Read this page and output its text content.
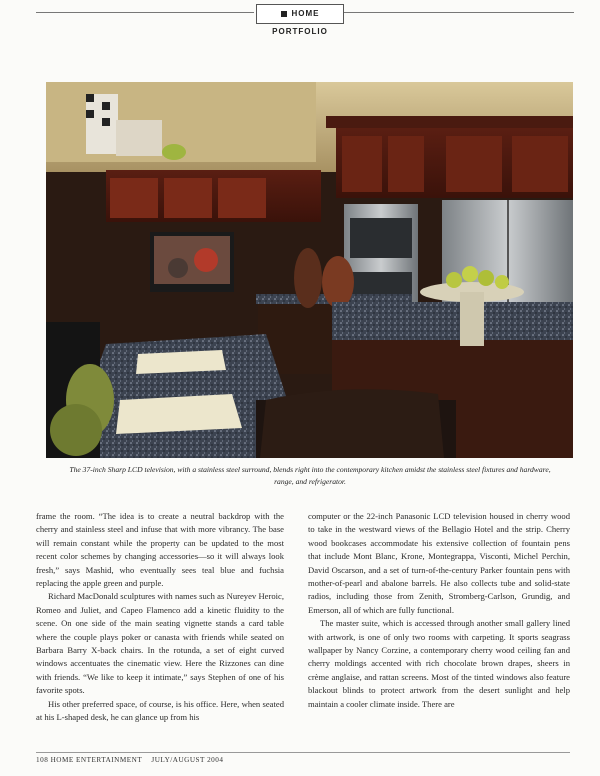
HOME PORTFOLIO
The 37-inch Sharp LCD television, with a stainless steel surround, blends right into the contemporary kitchen amidst the stainless steel fixtures and hardware, range, and refrigerator.

frame the room. “The idea is to create a neutral backdrop with the cherry and stainless steel and infuse that with more vibrancy. The base will remain constant while the property can be updated to the most recent color schemes by changing accessories—so it will always look fresh,” says Mashid, who eventually sees teal blue and fuchsia replacing the apple green and purple.

Richard MacDonald sculptures with names such as Nureyev Heroic, Romeo and Juliet, and Capeo Flamenco add a kinetic fluidity to the scene. On one side of the main seating vignette stands a card table where the couple plays poker or canasta with friends while seated on Barbara Barry X-back chairs. In the rotunda, a set of eight curved windows accentuates the cinematic view. Here the Rizzones can dine with friends. “We like to keep it intimate,” says Stephen of one of his favorite spots.

His other preferred space, of course, is his office. Here, when seated at his L-shaped desk, he can glance up from his

computer or the 22-inch Panasonic LCD television housed in cherry wood to take in the westward views of the Bellagio Hotel and the strip. Cherry wood bookcases accommodate his extensive collection of fountain pens that include Mont Blanc, Krone, Montegrappa, Visconti, Michel Perchin, David Oscarson, and a set of turn-of-the-century Parker fountain pens with mother-of-pearl and abalone barrels. He also collects tube and solid-state radios, including those from Zenith, Stromberg-Carlson, Grundig, and Emerson, all of which are fully functional.

The master suite, which is accessed through another small gallery lined with artwork, is one of only two rooms with carpeting. It sports seagrass wallpaper by Nancy Corzine, a contemporary cherry wood ceiling fan and cherry moldings accented with rich chocolate brown drapes, sheers in crème anglaise, and rattan screens. Most of the tinted windows also feature blackout blinds to protect artwork from the desert sunlight and help maintain a cooler climate inside. There are

108 HOME ENTERTAINMENT JULY/AUGUST 2004
